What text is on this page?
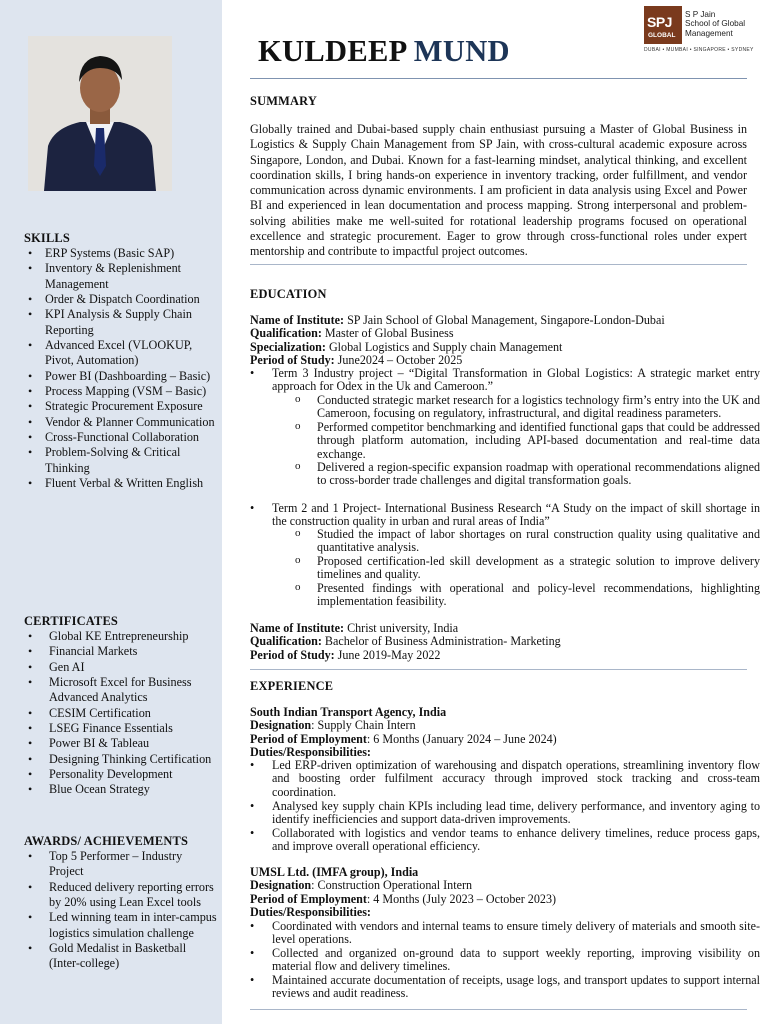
SKILLS
• ERP Systems (Basic SAP)
• Inventory & Replenishment Management
• Order & Dispatch Coordination
• KPI Analysis & Supply Chain Reporting
• Advanced Excel (VLOOKUP, Pivot, Automation)
• Power BI (Dashboarding – Basic)
• Process Mapping (VSM – Basic)
• Strategic Procurement Exposure
• Vendor & Planner Communication
• Cross-Functional Collaboration
• Problem-Solving & Critical Thinking
• Fluent Verbal & Written English
CERTIFICATES
• Global KE Entrepreneurship
• Financial Markets
• Gen AI
• Microsoft Excel for Business Advanced Analytics
• CESIM Certification
• LSEG Finance Essentials
• Power BI & Tableau
• Designing Thinking Certification
• Personality Development
• Blue Ocean Strategy
AWARDS/ ACHIEVEMENTS
• Top 5 Performer – Industry Project
• Reduced delivery reporting errors by 20% using Lean Excel tools
• Led winning team in inter-campus logistics simulation challenge
• Gold Medalist in Basketball (Inter-college)
KULDEEP MUND
SPJ
GLOBAL
S P Jain
School of Global
Management
DUBAI • MUMBAI • SINGAPORE • SYDNEY
SUMMARY
Globally trained and Dubai-based supply chain enthusiast pursuing a Master of Global Business in Logistics & Supply Chain Management from SP Jain, with cross-cultural academic exposure across Singapore, London, and Dubai. Known for a fast-learning mindset, analytical thinking, and excellent coordination skills, I bring hands-on experience in inventory tracking, order fulfillment, and vendor communication across dynamic environments. I am proficient in data analysis using Excel and Power BI and experienced in lean documentation and process mapping. Strong interpersonal and problem-solving abilities make me well-suited for rotational leadership programs focused on operational excellence and strategic procurement. Eager to grow through cross-functional roles under expert mentorship and contribute to impactful project outcomes.
EDUCATION
Name of Institute: SP Jain School of Global Management, Singapore-London-Dubai
Qualification: Master of Global Business
Specialization: Global Logistics and Supply chain Management
Period of Study: June2024 – October 2025
• Term 3 Industry project – “Digital Transformation in Global Logistics: A strategic market entry approach for Odex in the Uk and Cameroon.”
o Conducted strategic market research for a logistics technology firm’s entry into the UK and Cameroon, focusing on regulatory, infrastructural, and digital readiness parameters.
o Performed competitor benchmarking and identified functional gaps that could be addressed through platform automation, including API-based documentation and real-time data exchange.
o Delivered a region-specific expansion roadmap with operational recommendations aligned to cross-border trade challenges and digital transformation goals.
• Term 2 and 1 Project- International Business Research “A Study on the impact of skill shortage in the construction quality in urban and rural areas of India”
o Studied the impact of labor shortages on rural construction quality using qualitative and quantitative analysis.
o Proposed certification-led skill development as a strategic solution to improve delivery timelines and quality.
o Presented findings with operational and policy-level recommendations, highlighting implementation feasibility.
Name of Institute: Christ university, India
Qualification: Bachelor of Business Administration- Marketing
Period of Study: June 2019-May 2022
EXPERIENCE
South Indian Transport Agency, India
Designation: Supply Chain Intern
Period of Employment: 6 Months (January 2024 – June 2024)
Duties/Responsibilities:
• Led ERP-driven optimization of warehousing and dispatch operations, streamlining inventory flow and boosting order fulfilment accuracy through improved stock tracking and cross-team coordination.
• Analysed key supply chain KPIs including lead time, delivery performance, and inventory aging to identify inefficiencies and support data-driven improvements.
• Collaborated with logistics and vendor teams to enhance delivery timelines, reduce process gaps, and improve overall operational efficiency.
UMSL Ltd. (IMFA group), India
Designation: Construction Operational Intern
Period of Employment: 4 Months (July 2023 – October 2023)
Duties/Responsibilities:
• Coordinated with vendors and internal teams to ensure timely delivery of materials and smooth site-level operations.
• Collected and organized on-ground data to support weekly reporting, improving visibility on material flow and delivery timelines.
• Maintained accurate documentation of receipts, usage logs, and transport updates to support internal reviews and audit readiness.
